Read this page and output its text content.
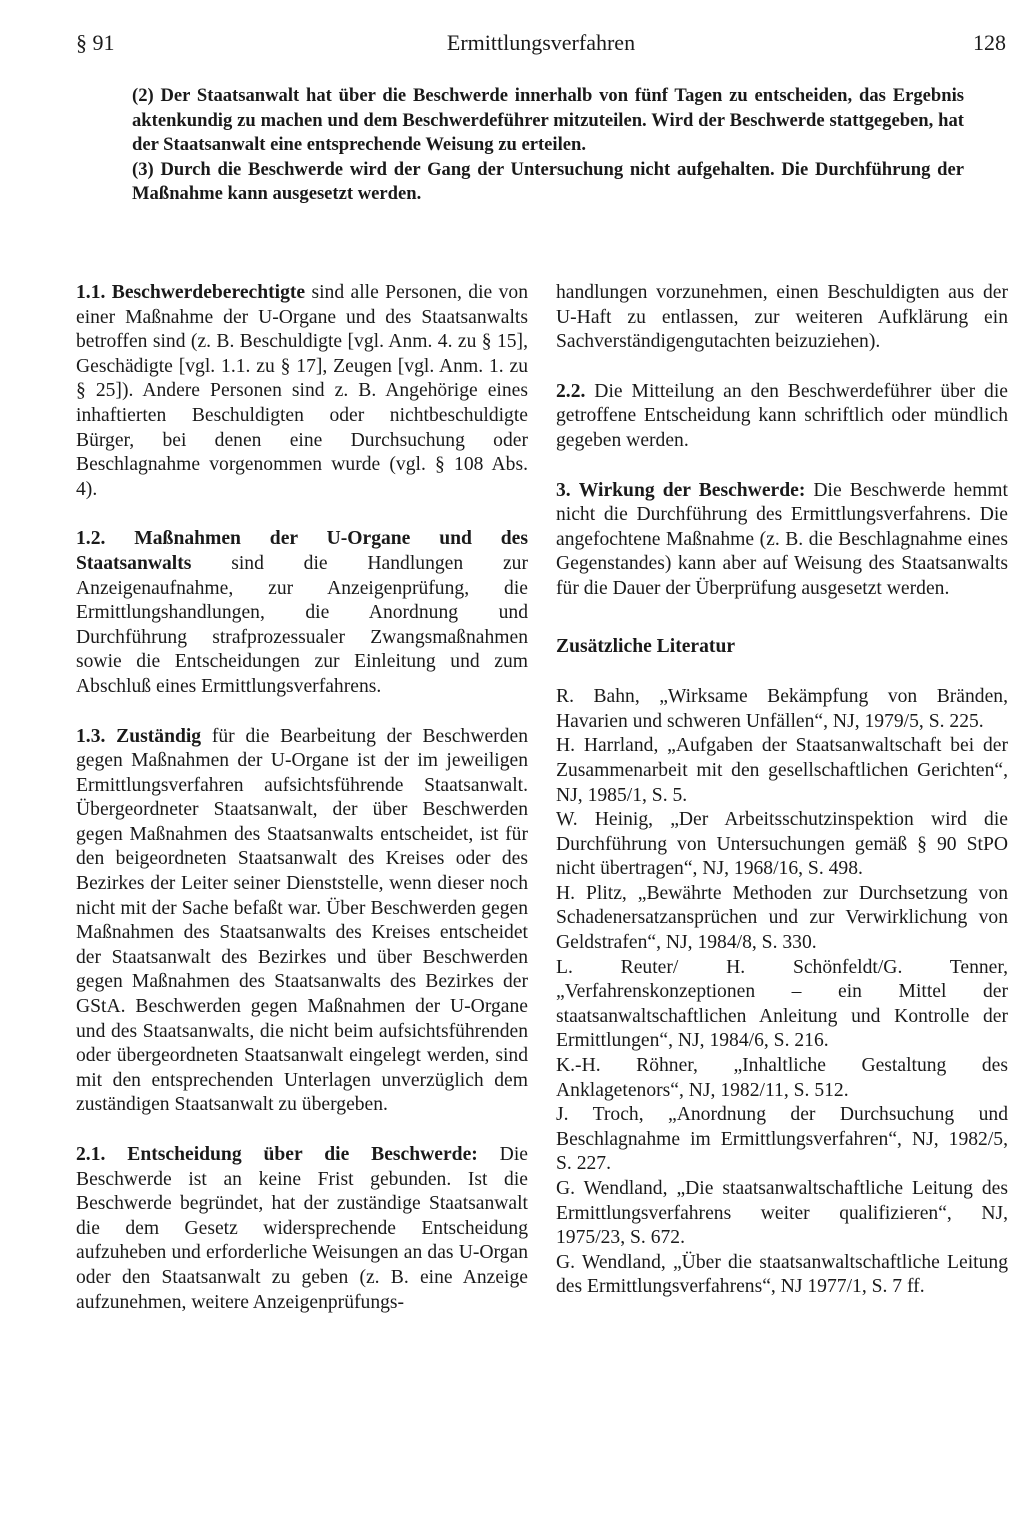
§ 91	Ermittlungsverfahren	128

(2) Der Staatsanwalt hat über die Beschwerde innerhalb von fünf Tagen zu entscheiden, das Ergebnis aktenkundig zu machen und dem Beschwerdeführer mitzuteilen. Wird der Beschwerde stattgegeben, hat der Staatsanwalt eine entsprechende Weisung zu erteilen.

(3) Durch die Beschwerde wird der Gang der Untersuchung nicht aufgehalten. Die Durchführung der Maßnahme kann ausgesetzt werden.

1.1. Beschwerdeberechtigte sind alle Personen, die von einer Maßnahme der U-Organe und des Staatsanwalts betroffen sind (z. B. Beschuldigte [vgl. Anm. 4. zu § 15], Geschädigte [vgl. 1.1. zu § 17], Zeugen [vgl. Anm. 1. zu § 25]). Andere Personen sind z. B. Angehörige eines inhaftierten Beschuldigten oder nichtbeschuldigte Bürger, bei denen eine Durchsuchung oder Beschlagnahme vorgenommen wurde (vgl. § 108 Abs. 4).

1.2. Maßnahmen der U-Organe und des Staatsanwalts sind die Handlungen zur Anzeigenaufnahme, zur Anzeigenprüfung, die Ermittlungshandlungen, die Anordnung und Durchführung strafprozessualer Zwangsmaßnahmen sowie die Entscheidungen zur Einleitung und zum Abschluß eines Ermittlungsverfahrens.

1.3. Zuständig für die Bearbeitung der Beschwerden gegen Maßnahmen der U-Organe ist der im jeweiligen Ermittlungsverfahren aufsichtsführende Staatsanwalt. Übergeordneter Staatsanwalt, der über Beschwerden gegen Maßnahmen des Staatsanwalts entscheidet, ist für den beigeordneten Staatsanwalt des Kreises oder des Bezirkes der Leiter seiner Dienststelle, wenn dieser noch nicht mit der Sache befaßt war. Über Beschwerden gegen Maßnahmen des Staatsanwalts des Kreises entscheidet der Staatsanwalt des Bezirkes und über Beschwerden gegen Maßnahmen des Staatsanwalts des Bezirkes der GStA. Beschwerden gegen Maßnahmen der U-Organe und des Staatsanwalts, die nicht beim aufsichtsführenden oder übergeordneten Staatsanwalt eingelegt werden, sind mit den entsprechenden Unterlagen unverzüglich dem zuständigen Staatsanwalt zu übergeben.

2.1. Entscheidung über die Beschwerde: Die Beschwerde ist an keine Frist gebunden. Ist die Beschwerde begründet, hat der zuständige Staatsanwalt die dem Gesetz widersprechende Entscheidung aufzuheben und erforderliche Weisungen an das U-Organ oder den Staatsanwalt zu geben (z. B. eine Anzeige aufzunehmen, weitere Anzeigenprüfungs-

handlungen vorzunehmen, einen Beschuldigten aus der U-Haft zu entlassen, zur weiteren Aufklärung ein Sachverständigengutachten beizuziehen).

2.2. Die Mitteilung an den Beschwerdeführer über die getroffene Entscheidung kann schriftlich oder mündlich gegeben werden.

3. Wirkung der Beschwerde: Die Beschwerde hemmt nicht die Durchführung des Ermittlungsverfahrens. Die angefochtene Maßnahme (z. B. die Beschlagnahme eines Gegenstandes) kann aber auf Weisung des Staatsanwalts für die Dauer der Überprüfung ausgesetzt werden.

Zusätzliche Literatur

R. Bahn, „Wirksame Bekämpfung von Bränden, Havarien und schweren Unfällen“, NJ, 1979/5, S. 225.

H. Harrland, „Aufgaben der Staatsanwaltschaft bei der Zusammenarbeit mit den gesellschaftlichen Gerichten“, NJ, 1985/1, S. 5.

W. Heinig, „Der Arbeitsschutzinspektion wird die Durchführung von Untersuchungen gemäß § 90 StPO nicht übertragen“, NJ, 1968/16, S. 498.

H. Plitz, „Bewährte Methoden zur Durchsetzung von Schadenersatzansprüchen und zur Verwirklichung von Geldstrafen“, NJ, 1984/8, S. 330.

L. Reuter/ H. Schönfeldt/G. Tenner, „Verfahrenskonzeptionen – ein Mittel der staatsanwaltschaftlichen Anleitung und Kontrolle der Ermittlungen“, NJ, 1984/6, S. 216.

K.-H. Röhner, „Inhaltliche Gestaltung des Anklagetenors“, NJ, 1982/11, S. 512.

J. Troch, „Anordnung der Durchsuchung und Beschlagnahme im Ermittlungsverfahren“, NJ, 1982/5, S. 227.

G. Wendland, „Die staatsanwaltschaftliche Leitung des Ermittlungsverfahrens weiter qualifizieren“, NJ, 1975/23, S. 672.

G. Wendland, „Über die staatsanwaltschaftliche Leitung des Ermittlungsverfahrens“, NJ 1977/1, S. 7 ff.
